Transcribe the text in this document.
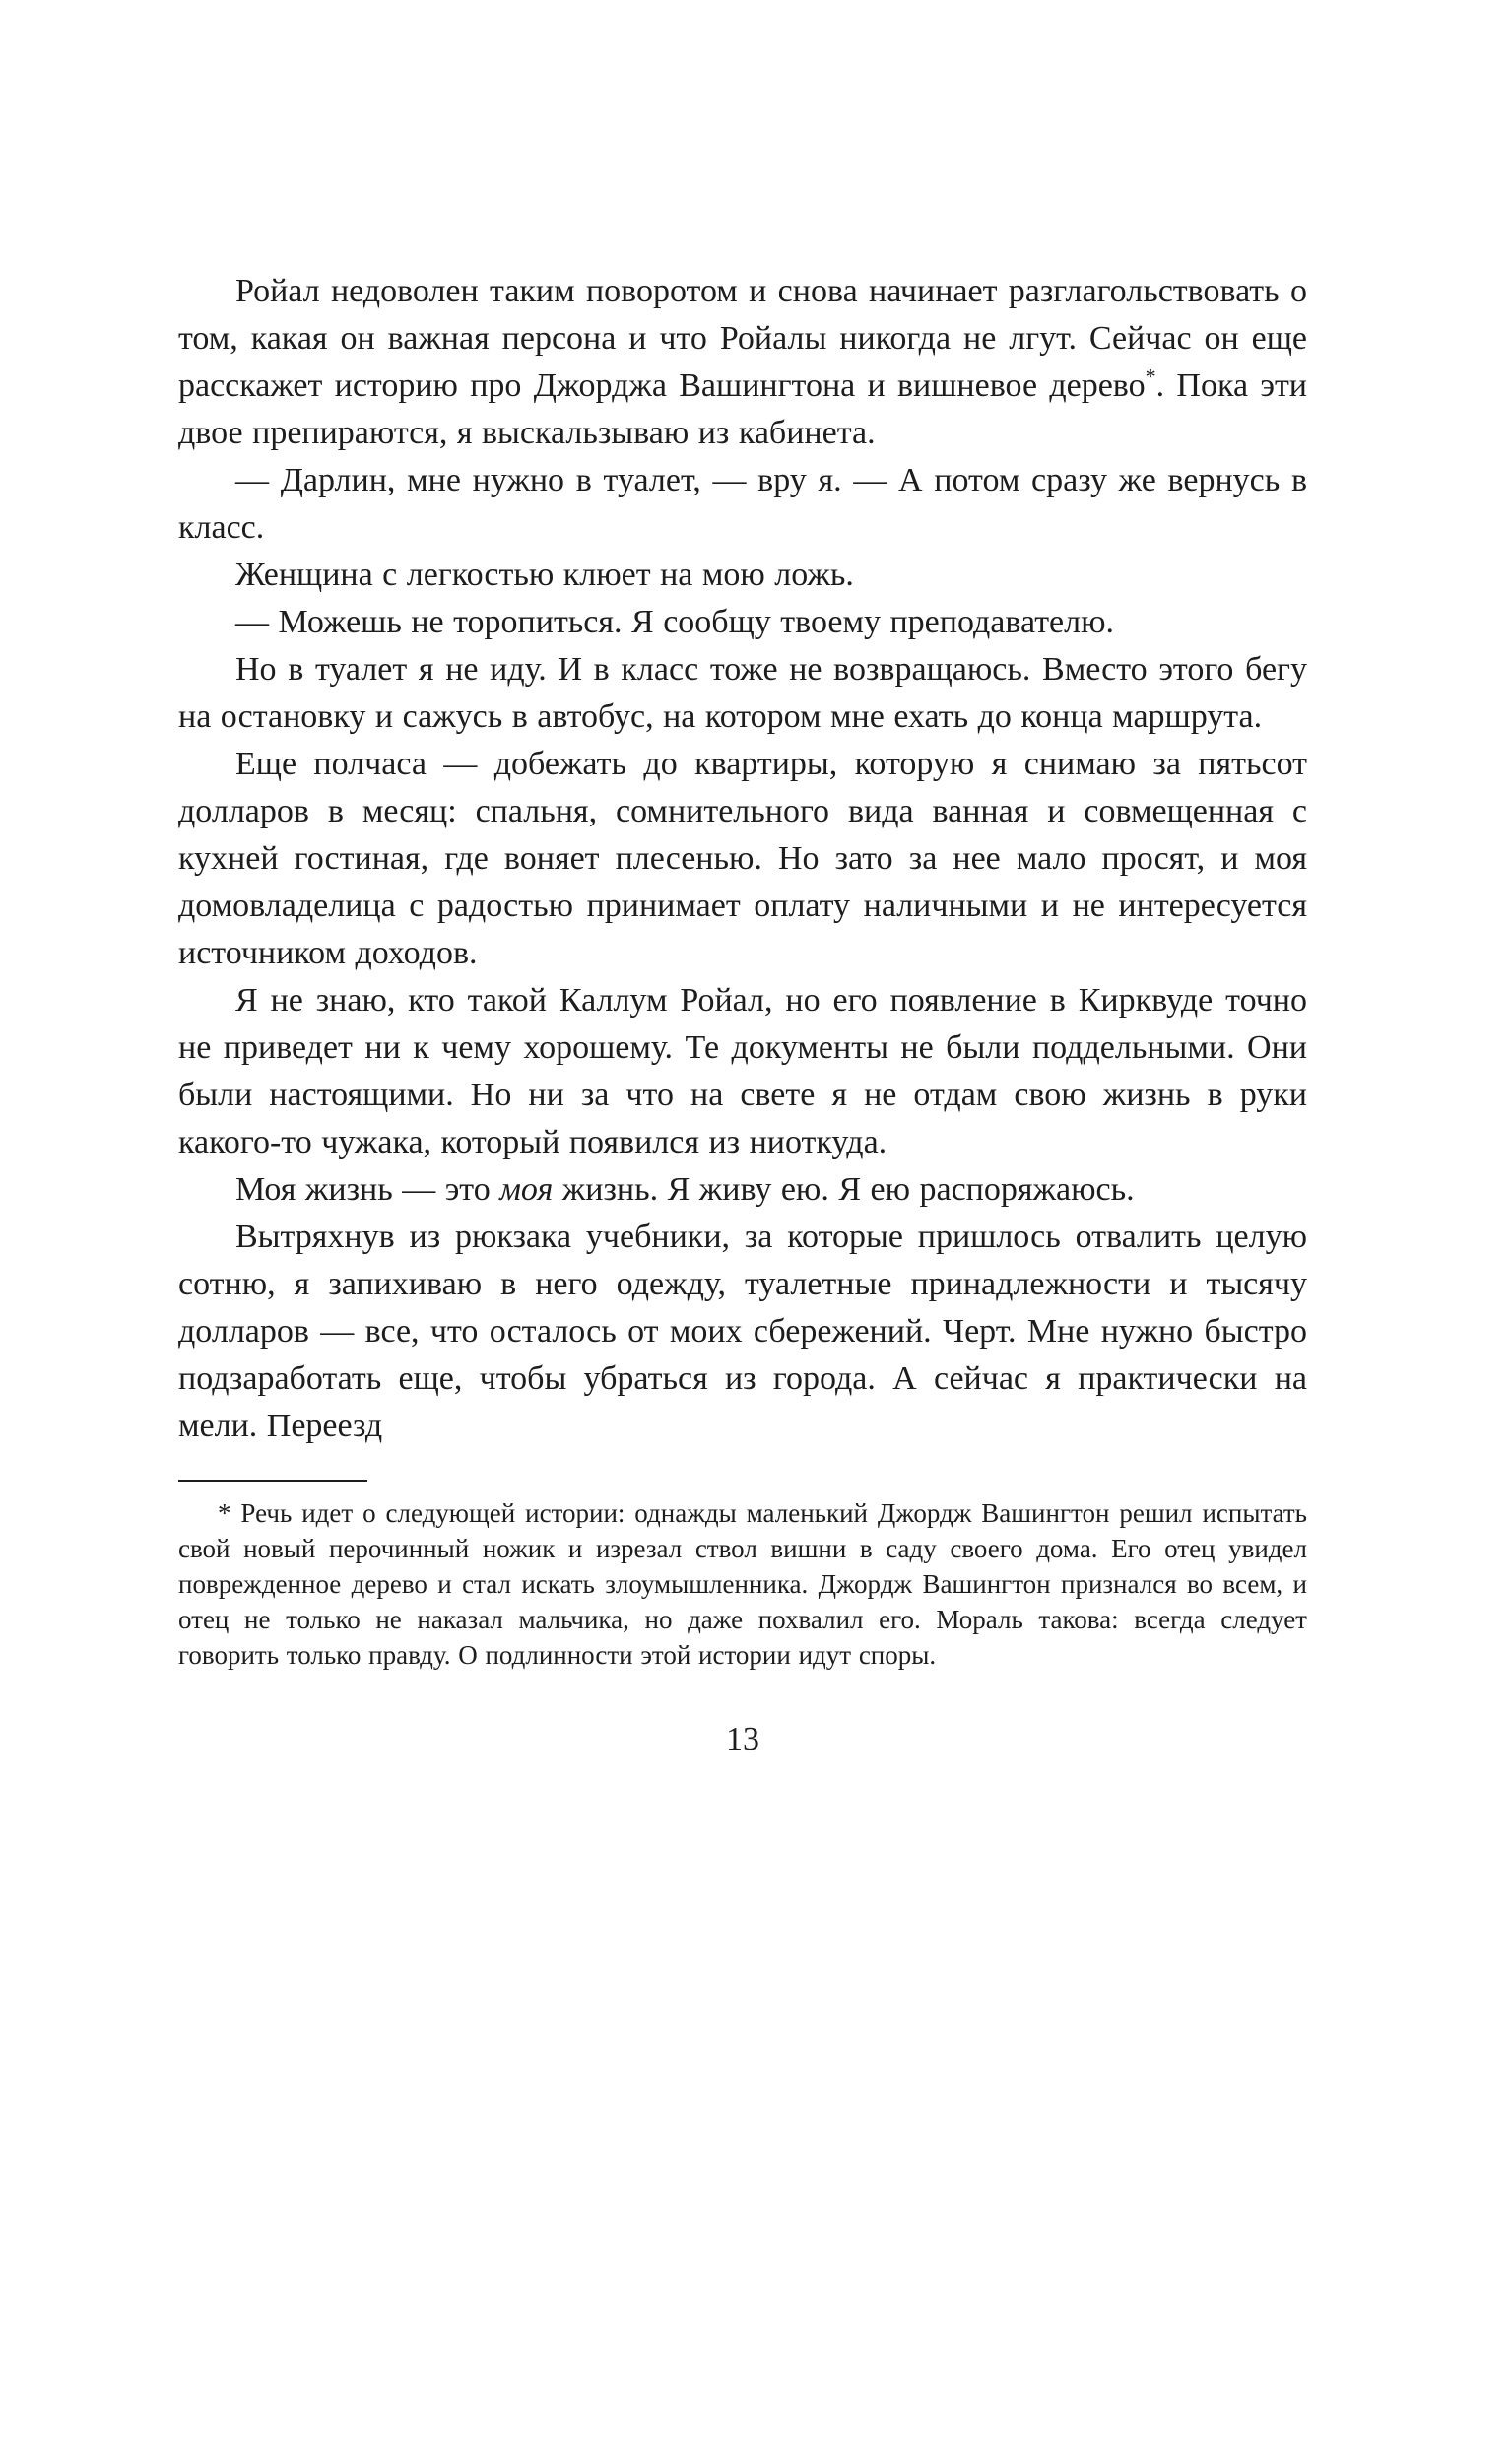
Ройал недоволен таким поворотом и снова начинает разглагольствовать о том, какая он важная персона и что Ройалы никогда не лгут. Сейчас он еще расскажет историю про Джорджа Вашингтона и вишневое дерево*. Пока эти двое препираются, я выскальзываю из кабинета.

— Дарлин, мне нужно в туалет, — вру я. — А потом сразу же вернусь в класс.

Женщина с легкостью клюет на мою ложь.

— Можешь не торопиться. Я сообщу твоему преподавателю.

Но в туалет я не иду. И в класс тоже не возвращаюсь. Вместо этого бегу на остановку и сажусь в автобус, на котором мне ехать до конца маршрута.

Еще полчаса — добежать до квартиры, которую я снимаю за пятьсот долларов в месяц: спальня, сомнительного вида ванная и совмещенная с кухней гостиная, где воняет плесенью. Но зато за нее мало просят, и моя домовладелица с радостью принимает оплату наличными и не интересуется источником доходов.

Я не знаю, кто такой Каллум Ройал, но его появление в Кирквуде точно не приведет ни к чему хорошему. Те документы не были поддельными. Они были настоящими. Но ни за что на свете я не отдам свою жизнь в руки какого-то чужака, который появился из ниоткуда.

Моя жизнь — это моя жизнь. Я живу ею. Я ею распоряжаюсь.

Вытряхнув из рюкзака учебники, за которые пришлось отвалить целую сотню, я запихиваю в него одежду, туалетные принадлежности и тысячу долларов — все, что осталось от моих сбережений. Черт. Мне нужно быстро подзаработать еще, чтобы убраться из города. А сейчас я практически на мели. Переезд

* Речь идет о следующей истории: однажды маленький Джордж Вашингтон решил испытать свой новый перочинный ножик и изрезал ствол вишни в саду своего дома. Его отец увидел поврежденное дерево и стал искать злоумышленника. Джордж Вашингтон признался во всем, и отец не только не наказал мальчика, но даже похвалил его. Мораль такова: всегда следует говорить только правду. О подлинности этой истории идут споры.
13
